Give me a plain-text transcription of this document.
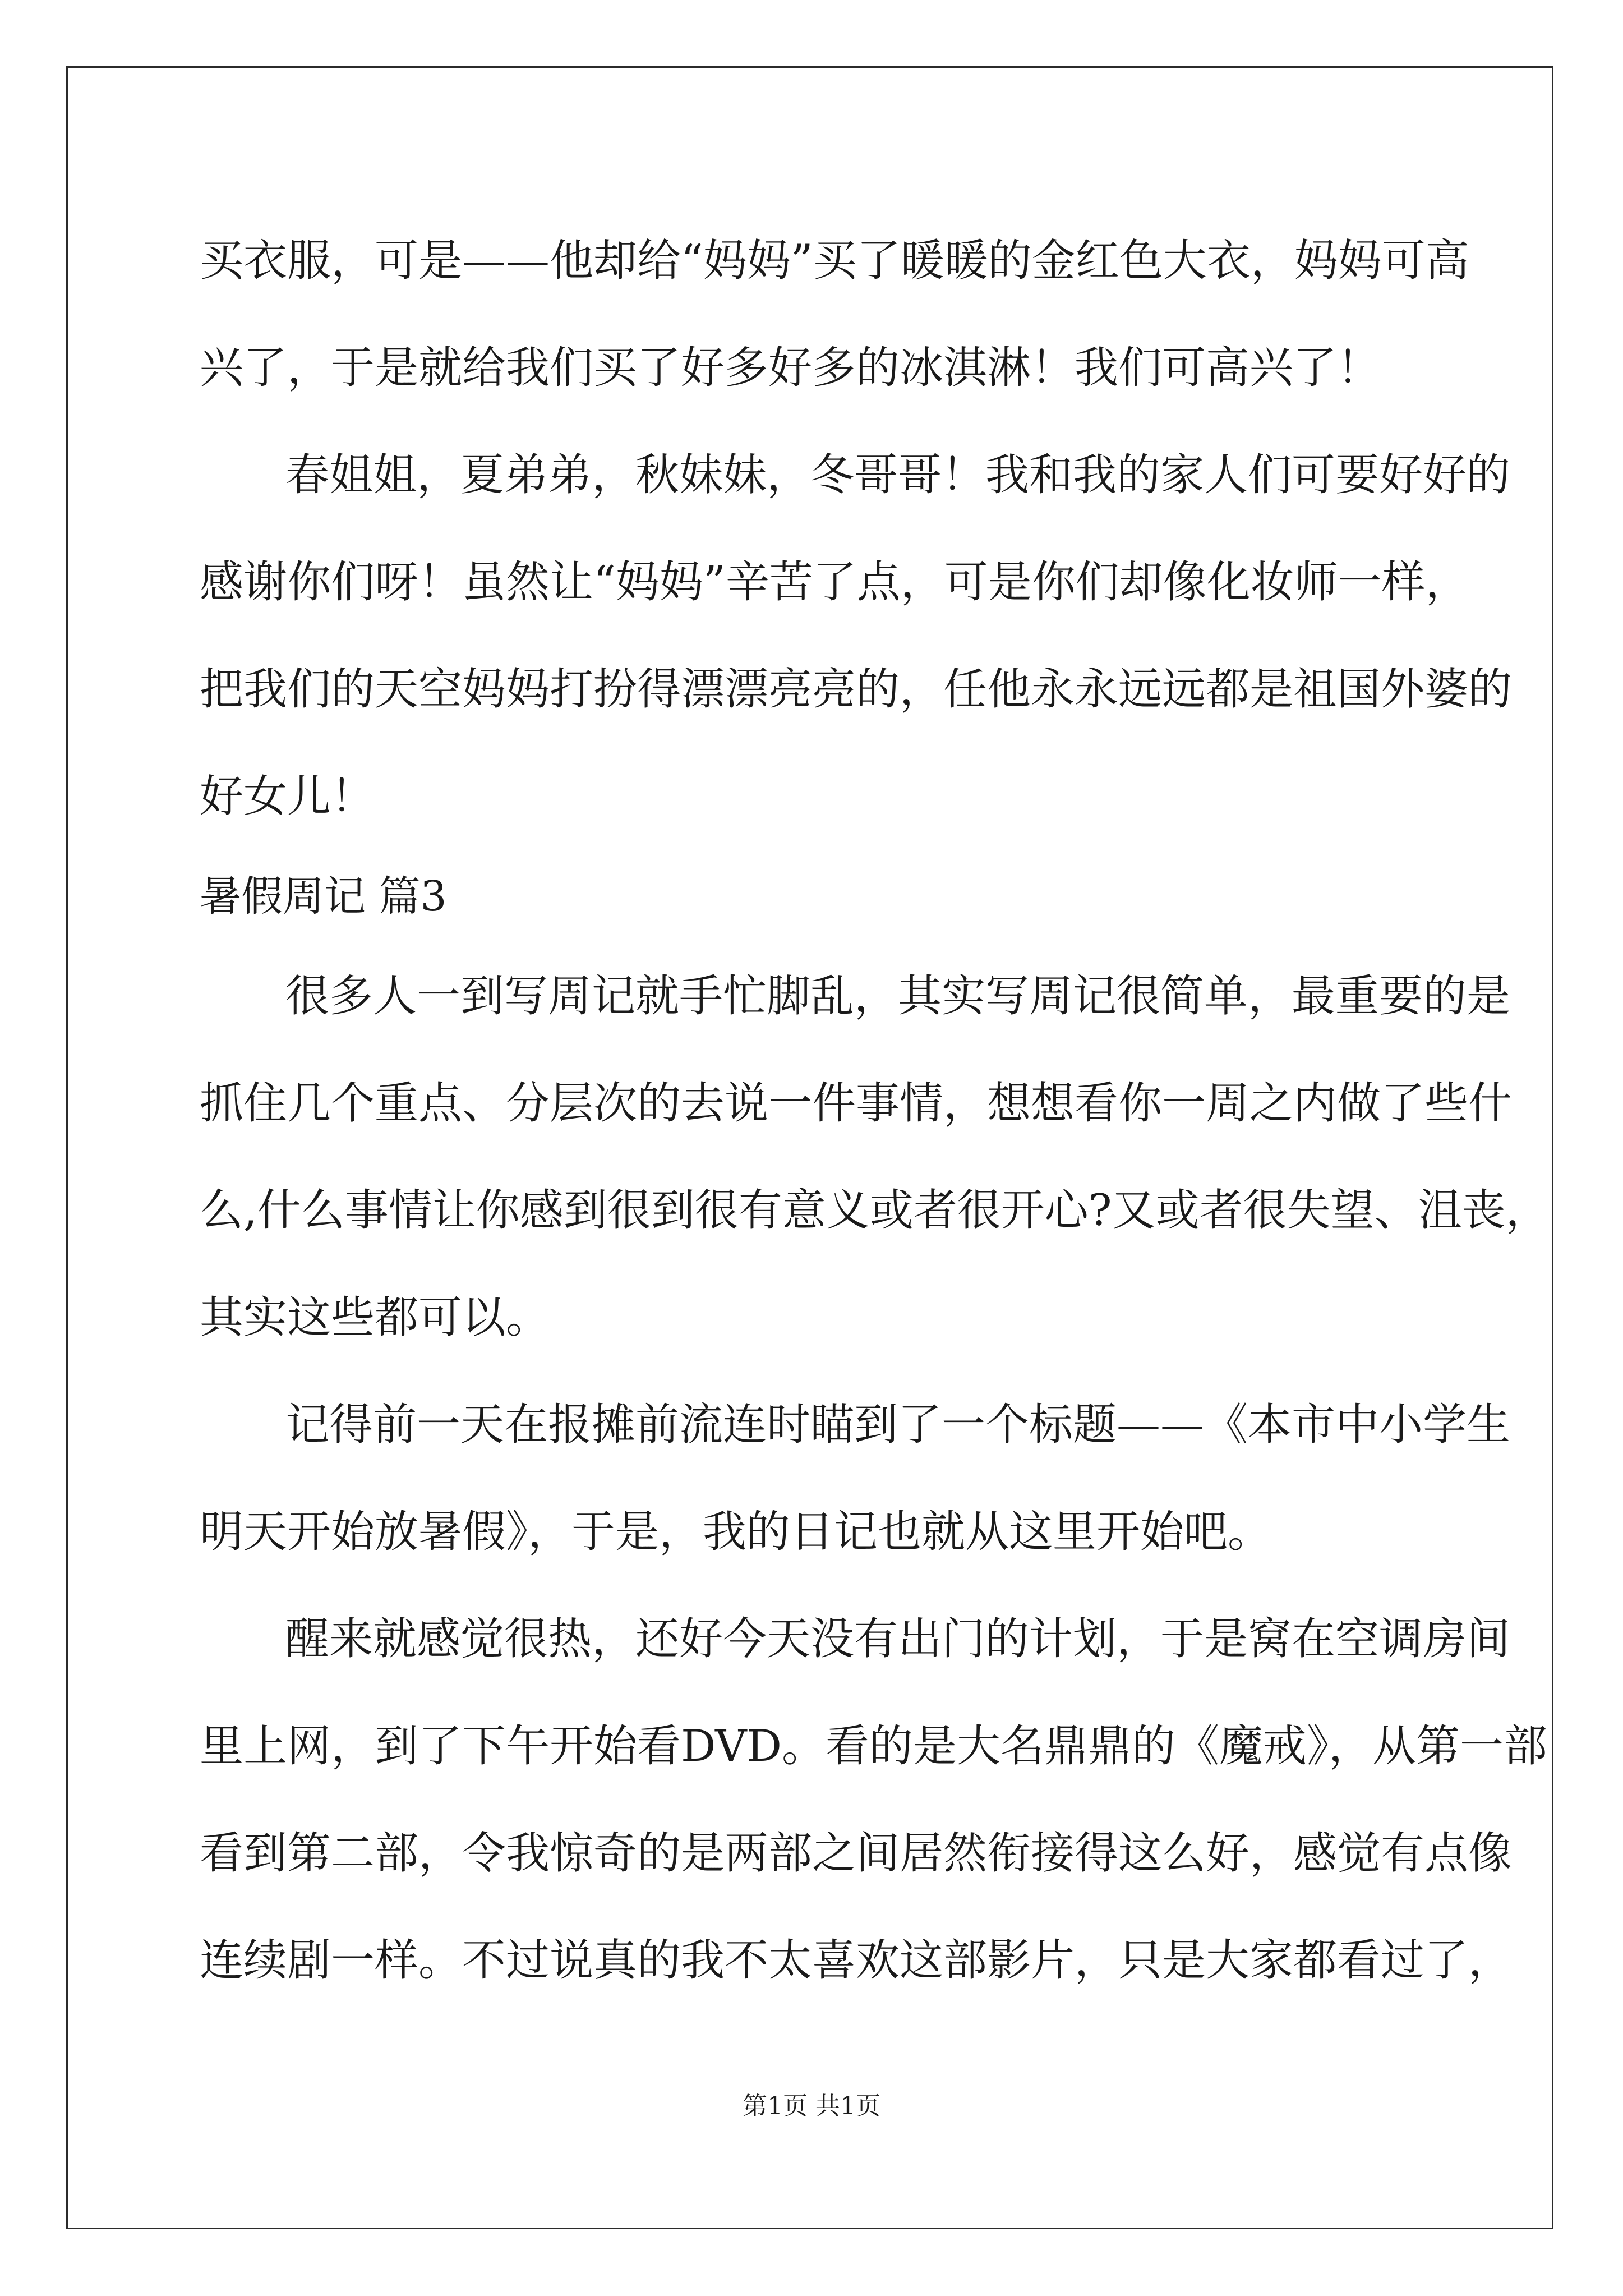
买衣服，可是——他却给“妈妈”买了暖暖的金红色大衣，妈妈可高
兴了，于是就给我们买了好多好多的冰淇淋！我们可高兴了！
春姐姐，夏弟弟，秋妹妹，冬哥哥！我和我的家人们可要好好的
感谢你们呀！虽然让“妈妈”辛苦了点，可是你们却像化妆师一样，
把我们的天空妈妈打扮得漂漂亮亮的，任他永永远远都是祖国外婆的
好女儿！
暑假周记 篇3
很多人一到写周记就手忙脚乱，其实写周记很简单，最重要的是
抓住几个重点、分层次的去说一件事情，想想看你一周之内做了些什
么,什么事情让你感到很到很有意义或者很开心?又或者很失望、沮丧，
其实这些都可以。
记得前一天在报摊前流连时瞄到了一个标题——《本市中小学生
明天开始放暑假》，于是，我的日记也就从这里开始吧。
醒来就感觉很热，还好今天没有出门的计划，于是窝在空调房间
里上网，到了下午开始看DVD。看的是大名鼎鼎的《魔戒》，从第一部
看到第二部，令我惊奇的是两部之间居然衔接得这么好，感觉有点像
连续剧一样。不过说真的我不太喜欢这部影片，只是大家都看过了，
第1页 共1页
